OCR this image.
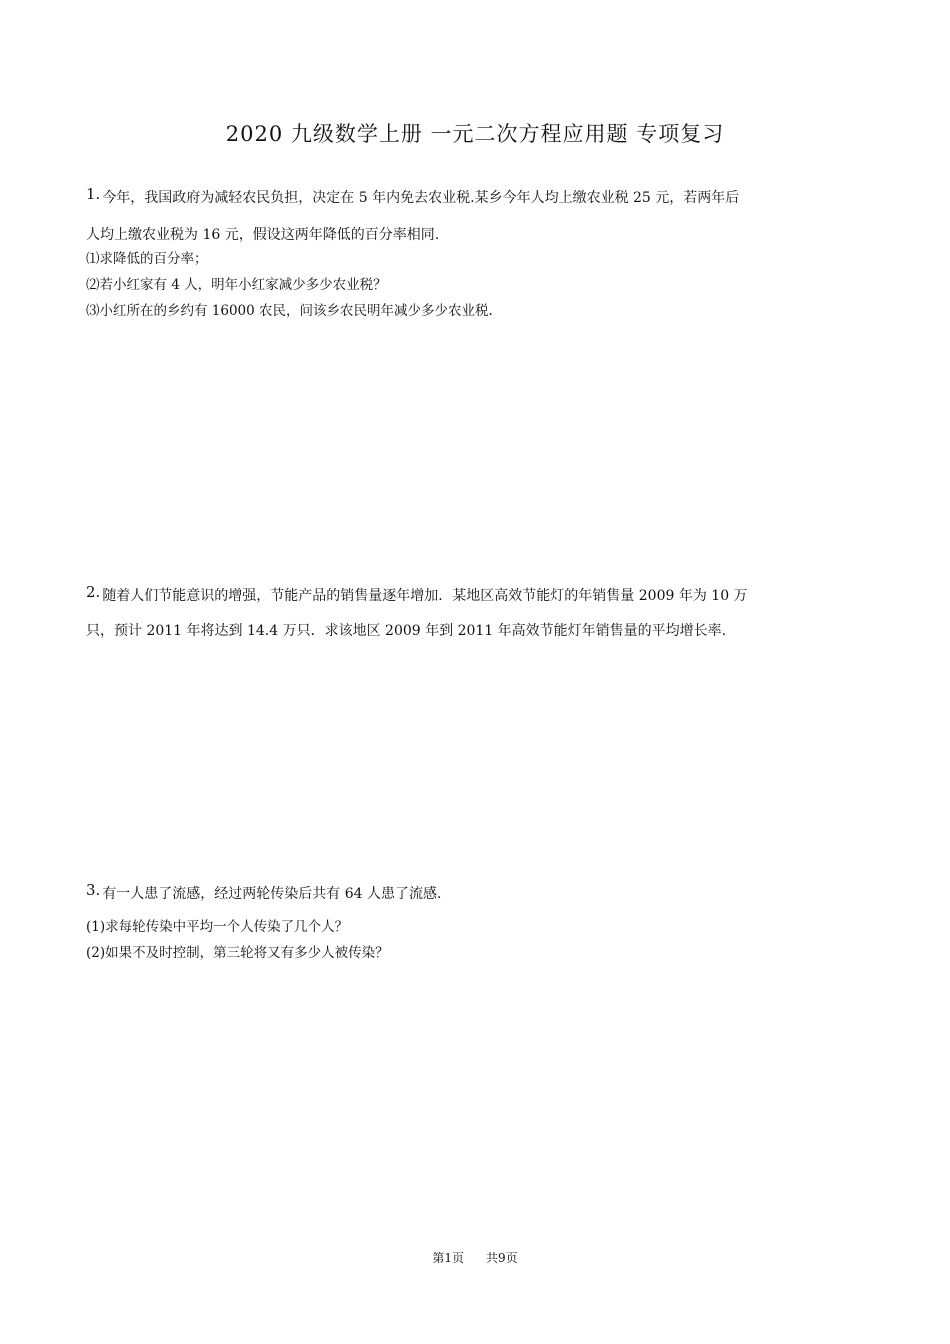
2020 九级数学上册 一元二次方程应用题 专项复习
1. 今年，我国政府为减轻农民负担，决定在 5 年内免去农业税.某乡今年人均上缴农业税 25 元，若两年后
人均上缴农业税为 16 元，假设这两年降低的百分率相同.
⑴求降低的百分率；
⑵若小红家有 4 人，明年小红家减少多少农业税？
⑶小红所在的乡约有 16000 农民，问该乡农民明年减少多少农业税.
2. 随着人们节能意识的增强，节能产品的销售量逐年增加．某地区高效节能灯的年销售量 2009 年为 10 万
只，预计 2011 年将达到 14.4 万只．求该地区 2009 年到 2011 年高效节能灯年销售量的平均增长率.
3. 有一人患了流感，经过两轮传染后共有 64 人患了流感.
(1)求每轮传染中平均一个人传染了几个人？
(2)如果不及时控制，第三轮将又有多少人被传染？
第1页 共9页
